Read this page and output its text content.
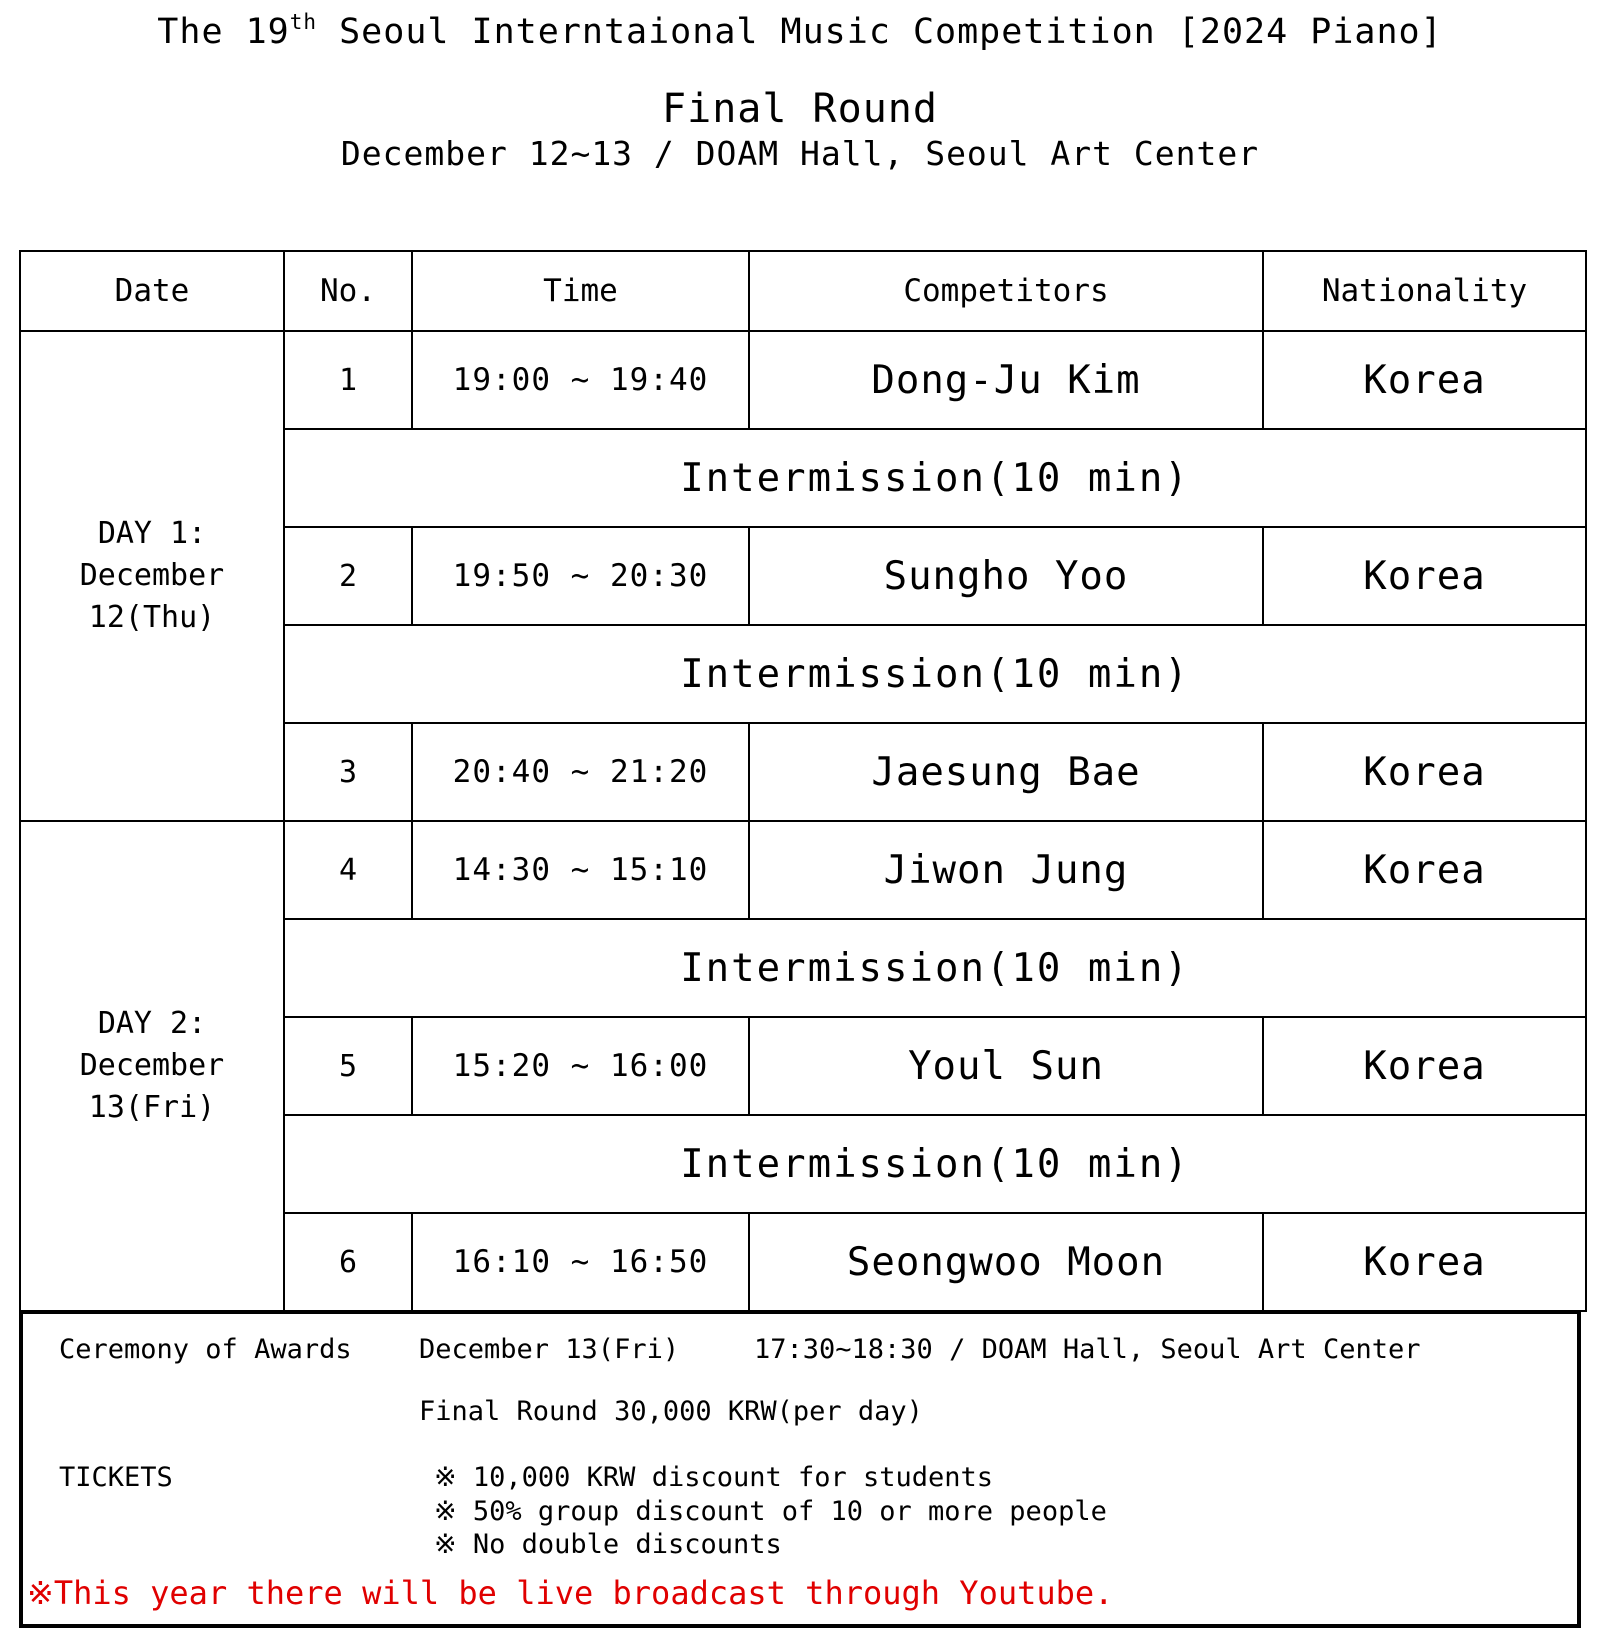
The 19th Seoul Interntaional Music Competition [2024 Piano]
Final Round
December 12~13 / DOAM Hall, Seoul Art Center
Date	No.	Time	Competitors	Nationality

DAY 1:
December
12(Thu)	1	19:00 ~ 19:40	Dong-Ju Kim	Korea
	Intermission(10 min)			
	2	19:50 ~ 20:30	Sungho Yoo	Korea
	Intermission(10 min)			
	3	20:40 ~ 21:20	Jaesung Bae	Korea

DAY 2:
December
13(Fri)	4	14:30 ~ 15:10	Jiwon Jung	Korea
	Intermission(10 min)			
	5	15:20 ~ 16:00	Youl Sun	Korea
	Intermission(10 min)			
	6	16:10 ~ 16:50	Seongwoo Moon	Korea
Ceremony of Awards December 13(Fri)	17:30~18:30 / DOAM Hall, Seoul Art Center
Final Round 30,000 KRW(per day)
TICKETS	※ 10,000 KRW discount for students
※ 50% group discount of 10 or more people
※ No double discounts
※This year there will be live broadcast through Youtube.
